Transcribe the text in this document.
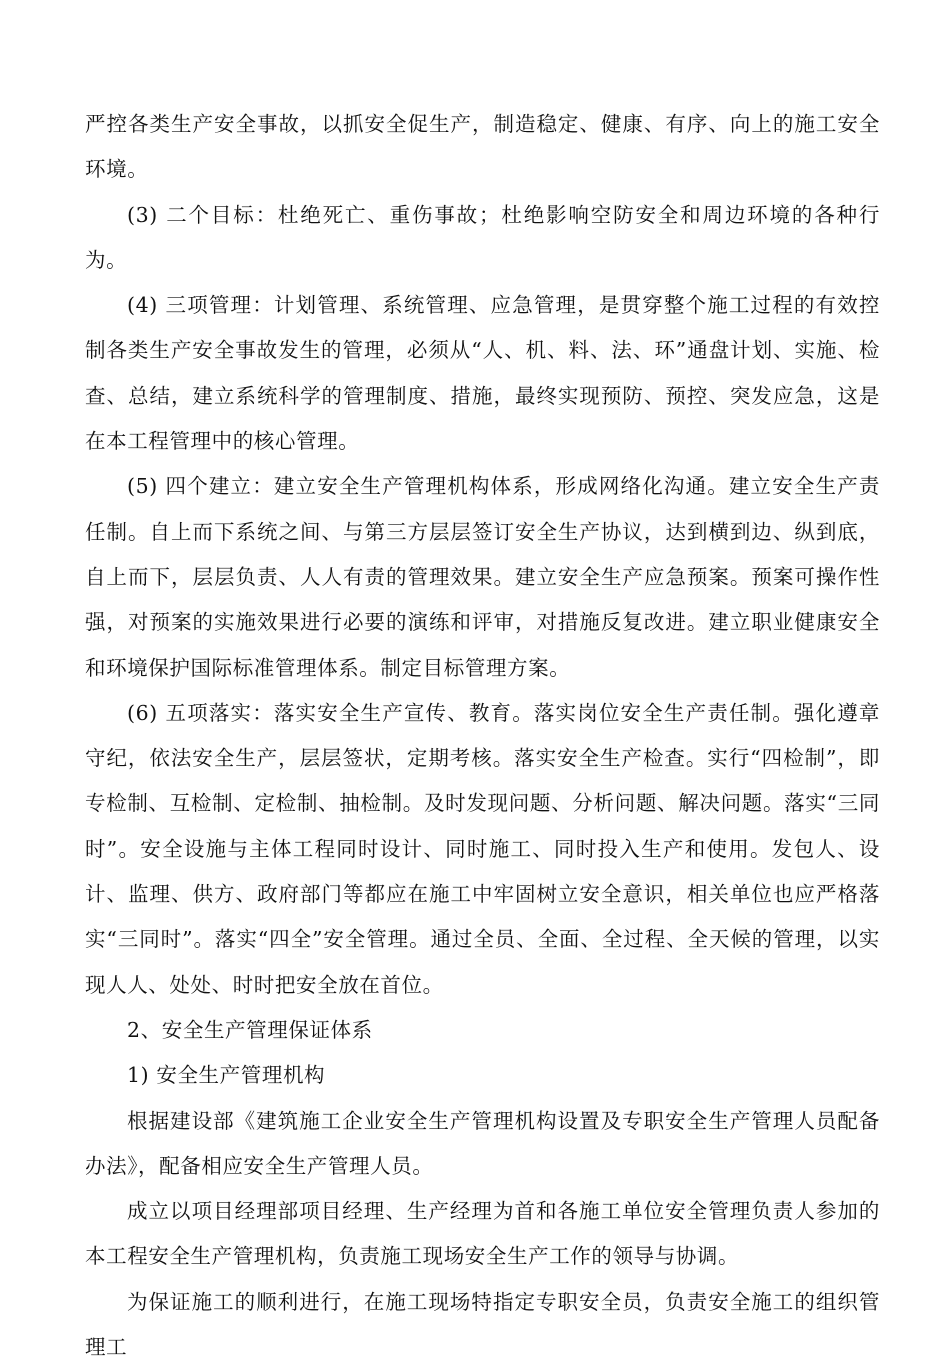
严控各类生产安全事故，以抓安全促生产，制造稳定、健康、有序、向上的施工安全环境。

(3) 二个目标：杜绝死亡、重伤事故；杜绝影响空防安全和周边环境的各种行为。

(4) 三项管理：计划管理、系统管理、应急管理，是贯穿整个施工过程的有效控制各类生产安全事故发生的管理，必须从“人、机、料、法、环”通盘计划、实施、检查、总结，建立系统科学的管理制度、措施，最终实现预防、预控、突发应急，这是在本工程管理中的核心管理。

(5) 四个建立：建立安全生产管理机构体系，形成网络化沟通。建立安全生产责任制。自上而下系统之间、与第三方层层签订安全生产协议，达到横到边、纵到底，自上而下，层层负责、人人有责的管理效果。建立安全生产应急预案。预案可操作性强，对预案的实施效果进行必要的演练和评审，对措施反复改进。建立职业健康安全和环境保护国际标准管理体系。制定目标管理方案。

(6) 五项落实：落实安全生产宣传、教育。落实岗位安全生产责任制。强化遵章守纪，依法安全生产，层层签状，定期考核。落实安全生产检查。实行“四检制”，即专检制、互检制、定检制、抽检制。及时发现问题、分析问题、解决问题。落实“三同时”。安全设施与主体工程同时设计、同时施工、同时投入生产和使用。发包人、设计、监理、供方、政府部门等都应在施工中牢固树立安全意识，相关单位也应严格落实“三同时”。落实“四全”安全管理。通过全员、全面、全过程、全天候的管理，以实现人人、处处、时时把安全放在首位。

2、安全生产管理保证体系

1) 安全生产管理机构

根据建设部《建筑施工企业安全生产管理机构设置及专职安全生产管理人员配备办法》，配备相应安全生产管理人员。

成立以项目经理部项目经理、生产经理为首和各施工单位安全管理负责人参加的本工程安全生产管理机构，负责施工现场安全生产工作的领导与协调。

为保证施工的顺利进行，在施工现场特指定专职安全员，负责安全施工的组织管理工
